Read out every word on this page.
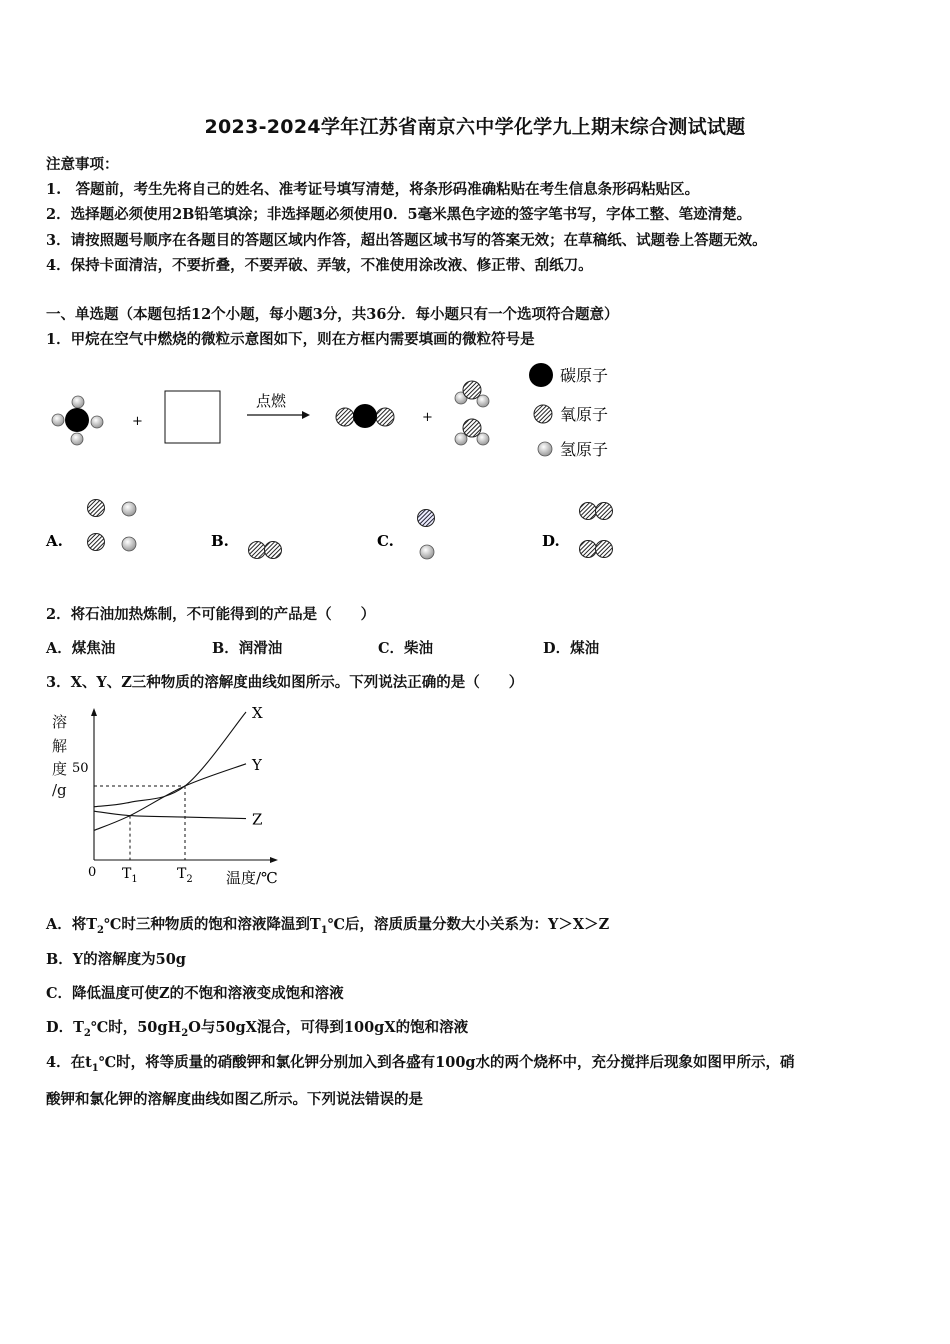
2023-2024学年江苏省南京六中学化学九上期末综合测试试题
注意事项：
1.　答题前，考生先将自己的姓名、准考证号填写清楚，将条形码准确粘贴在考生信息条形码粘贴区。
2．选择题必须使用2B铅笔填涂；非选择题必须使用0．5毫米黑色字迹的签字笔书写，字体工整、笔迹清楚。
3．请按照题号顺序在各题目的答题区域内作答，超出答题区域书写的答案无效；在草稿纸、试题卷上答题无效。
4．保持卡面清洁，不要折叠，不要弄破、弄皱，不准使用涂改液、修正带、刮纸刀。
一、单选题（本题包括12个小题，每小题3分，共36分．每小题只有一个选项符合题意）
1．甲烷在空气中燃烧的微粒示意图如下，则在方框内需要填画的微粒符号是
+
点燃
+
碳原子
氧原子
氢原子
A.	B.	C.	D.
2．将石油加热炼制，不可能得到的产品是（　　）
A．煤焦油	B．润滑油	C．柴油	D．煤油
3．X、Y、Z三种物质的溶解度曲线如图所示。下列说法正确的是（　　）
溶
解
度
/g
0
50
温度/℃
$T_1$	$T_2$
X
Y
Z
A．将$T_2℃$时三种物质的饱和溶液降温到$T_1℃$后，溶质质量分数大小关系为：Y＞X＞Z
B．Y的溶解度为50g
C．降低温度可使Z的不饱和溶液变成饱和溶液
D．$T_2℃$时，$50gH_2O$与50gX混合，可得到100gX的饱和溶液
4．在$t_1℃$时，将等质量的硝酸钾和氯化钾分别加入到各盛有100g水的两个烧杯中，充分搅拌后现象如图甲所示，硝
酸钾和氯化钾的溶解度曲线如图乙所示。下列说法错误的是
